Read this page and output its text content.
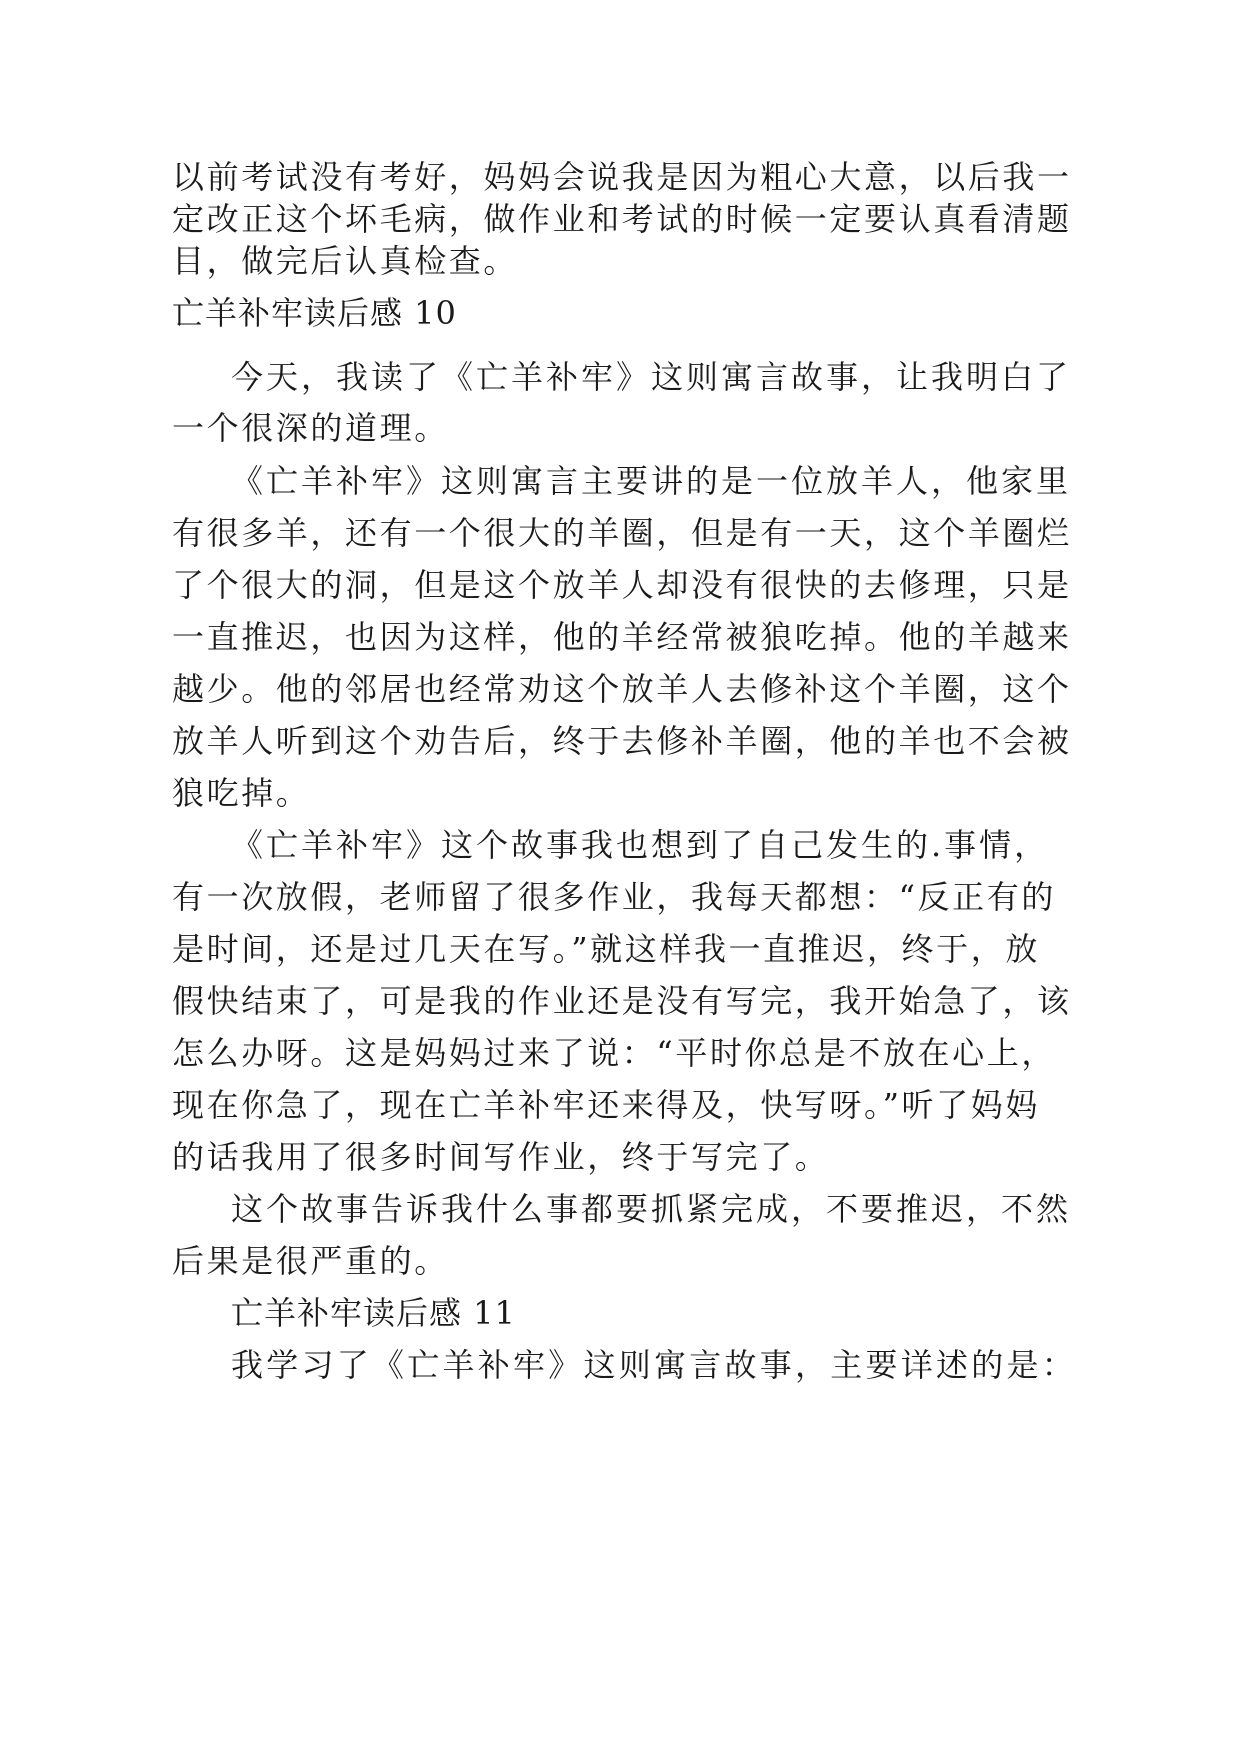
以前考试没有考好，妈妈会说我是因为粗心大意，以后我一

定改正这个坏毛病，做作业和考试的时候一定要认真看清题

目，做完后认真检查。

亡羊补牢读后感 10

今天，我读了《亡羊补牢》这则寓言故事，让我明白了

一个很深的道理。

《亡羊补牢》这则寓言主要讲的是一位放羊人，他家里

有很多羊，还有一个很大的羊圈，但是有一天，这个羊圈烂

了个很大的洞，但是这个放羊人却没有很快的去修理，只是

一直推迟，也因为这样，他的羊经常被狼吃掉。他的羊越来

越少。他的邻居也经常劝这个放羊人去修补这个羊圈，这个

放羊人听到这个劝告后，终于去修补羊圈，他的羊也不会被

狼吃掉。

《亡羊补牢》这个故事我也想到了自己发生的.事情，

有一次放假，老师留了很多作业，我每天都想：“反正有的

是时间，还是过几天在写。”就这样我一直推迟，终于，放

假快结束了，可是我的作业还是没有写完，我开始急了，该

怎么办呀。这是妈妈过来了说：“平时你总是不放在心上，

现在你急了，现在亡羊补牢还来得及，快写呀。”听了妈妈

的话我用了很多时间写作业，终于写完了。

这个故事告诉我什么事都要抓紧完成，不要推迟，不然

后果是很严重的。

亡羊补牢读后感 11

我学习了《亡羊补牢》这则寓言故事，主要详述的是：
